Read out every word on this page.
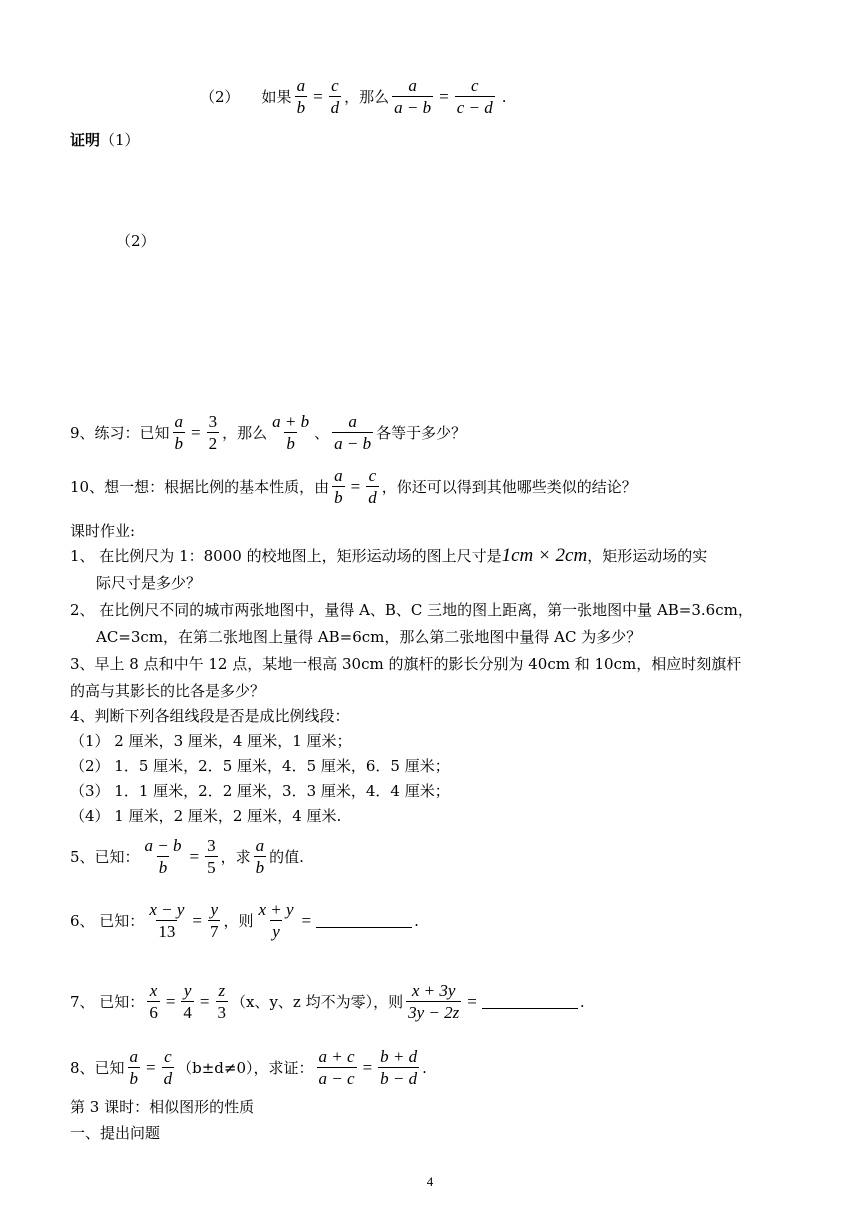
（2） 如果 $\frac{a}{b} = \frac{c}{d}$ ，那么 $\frac{a}{a - b} = \frac{c}{c - d}$ .
证明 （1）
（2）
9、练习：已知 $\frac{a}{b} = \frac{3}{2}$ ，那么 $\frac{a + b}{b}$ 、 $\frac{a}{a - b}$ 各等于多少？
10、想一想：根据比例的基本性质，由 $\frac{a}{b} = \frac{c}{d}$ ，你还可以得到其他哪些类似的结论？
课时作业:
1、 在比例尺为 1：8000 的校地图上，矩形运动场的图上尺寸是 1cm × 2cm ，矩形运动场的实
际尺寸是多少？
2、 在比例尺不同的城市两张地图中，量得 A、B、C 三地的图上距离，第一张地图中量 AB=3.6cm，
AC=3cm，在第二张地图上量得 AB=6cm，那么第二张地图中量得 AC 为多少？
3、早上 8 点和中午 12 点，某地一根高 30cm 的旗杆的影长分别为 40cm 和 10cm，相应时刻旗杆
的高与其影长的比各是多少？
4、判断下列各组线段是否是成比例线段：
（1） 2 厘米，3 厘米，4 厘米，1 厘米；
（2） 1．5 厘米，2．5 厘米，4．5 厘米，6．5 厘米；
（3） 1．1 厘米，2．2 厘米，3．3 厘米，4．4 厘米；
（4） 1 厘米，2 厘米，2 厘米，4 厘米.
5、已知： $\frac{a - b}{b} = \frac{3}{5}$ ，求 $\frac{a}{b}$ 的值.
6、 已知： $\frac{x - y}{13} = \frac{y}{7}$ ，则 $\frac{x + y}{y}$ =	.
7、 已知： $\frac{x}{6} = \frac{y}{4} = \frac{z}{3} (x$、y、z 均不为零），则 $\frac{x + 3y}{3y - 2z}$ =	.
8、已知 $\frac{a}{b} = \frac{c}{d} (b\pm d\ne 0)$，求证： $\frac{a + c}{a - c} = \frac{b + d}{b - d}$ .
第 3 课时：相似图形的性质
一、提出问题
4
